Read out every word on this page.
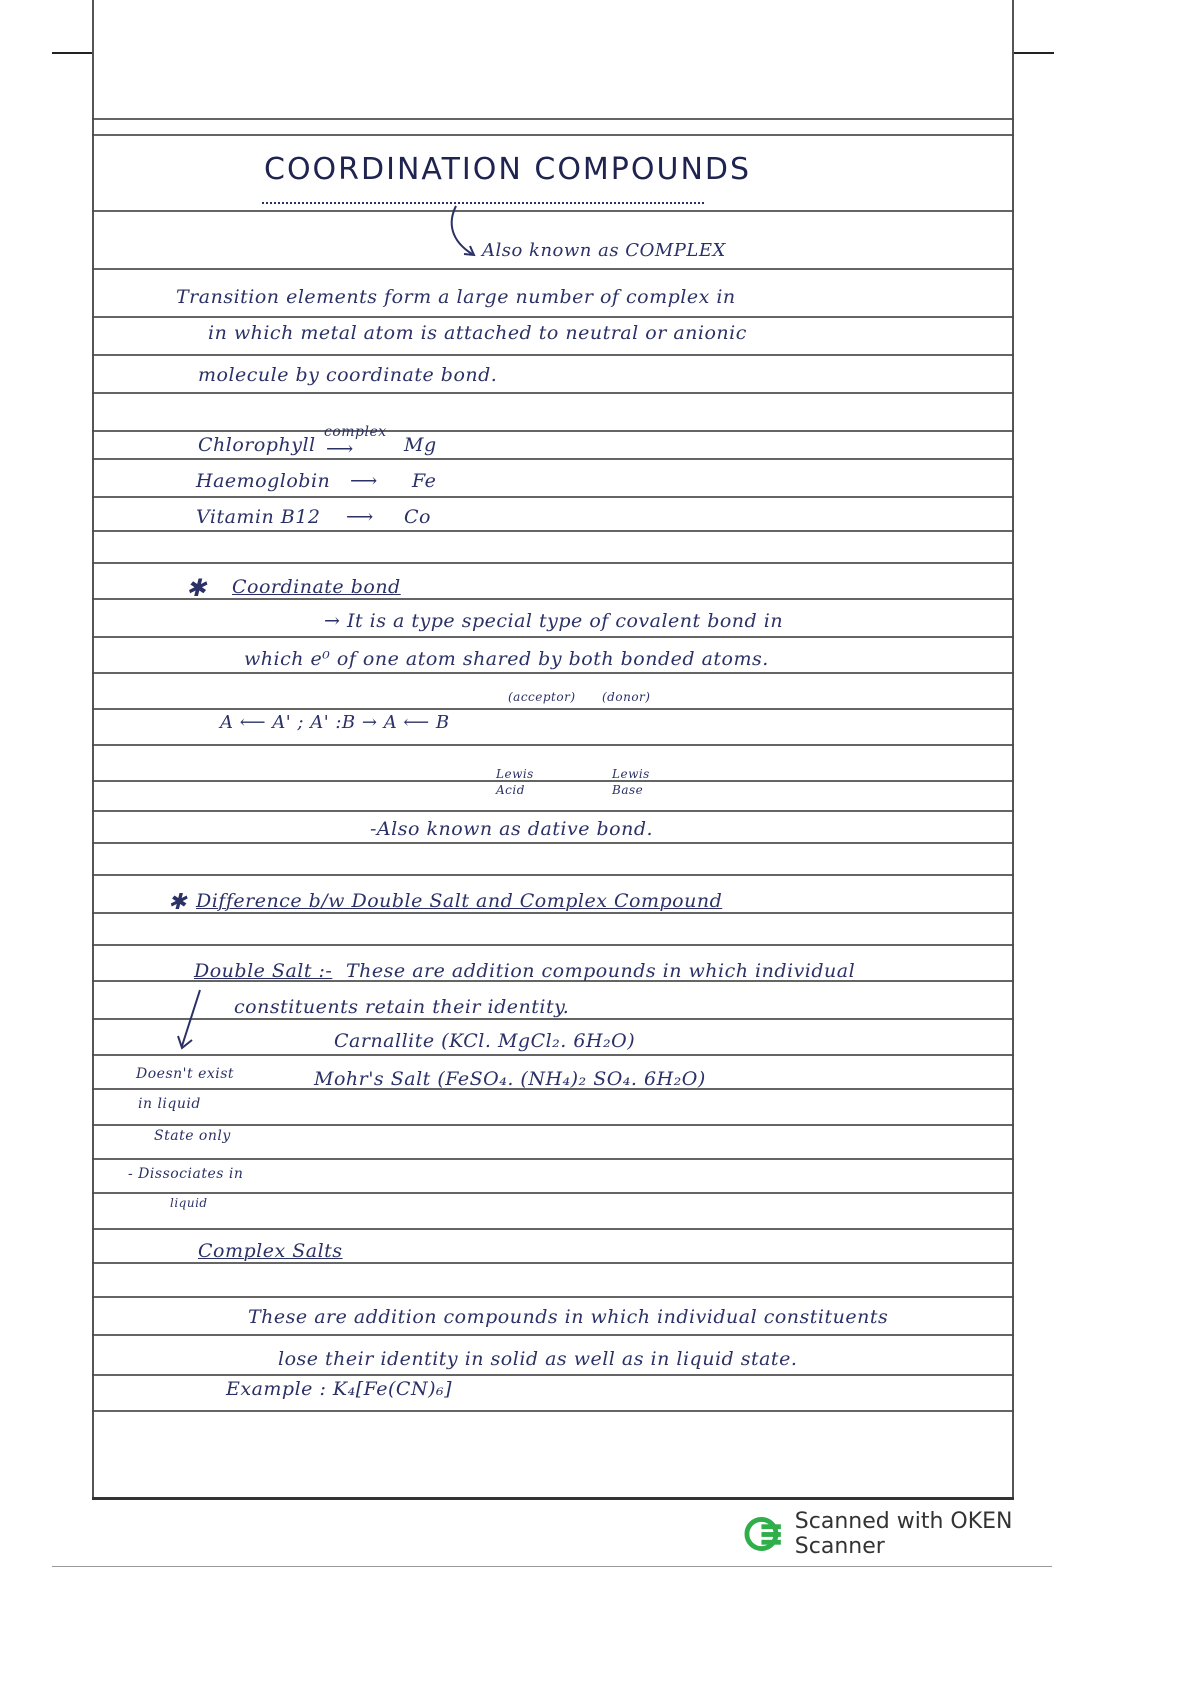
COORDINATION COMPOUNDS
Also known as COMPLEX
Transition elements form a large number of complex in
in which metal atom is attached to neutral or anionic
molecule by coordinate bond.
Chlorophyll
complex
⟶	Mg
Haemoglobin ⟶ Fe
Vitamin B12 ⟶ Co
✱ Coordinate bond
→ It is a type special type of covalent bond in
which e⁰ of one atom shared by both bonded atoms.
(acceptor) (donor)
A ⟵ A' ; A' :B → A ⟵ B
Lewis Acid
Lewis Base
-Also known as dative bond.
✱ Difference b/w Double Salt and Complex Compound
Double Salt :- These are addition compounds in which individual
constituents retain their identity.
Carnallite (KCl. MgCl₂. 6H₂O)
Mohr's Salt (FeSO₄. (NH₄)₂ SO₄. 6H₂O)
Doesn't exist
in liquid
State only
- Dissociates in
liquid
Complex Salts
These are addition compounds in which individual constituents
lose their identity in solid as well as in liquid state.
Example : K₄[Fe(CN)₆]
Scanned with OKEN Scanner
